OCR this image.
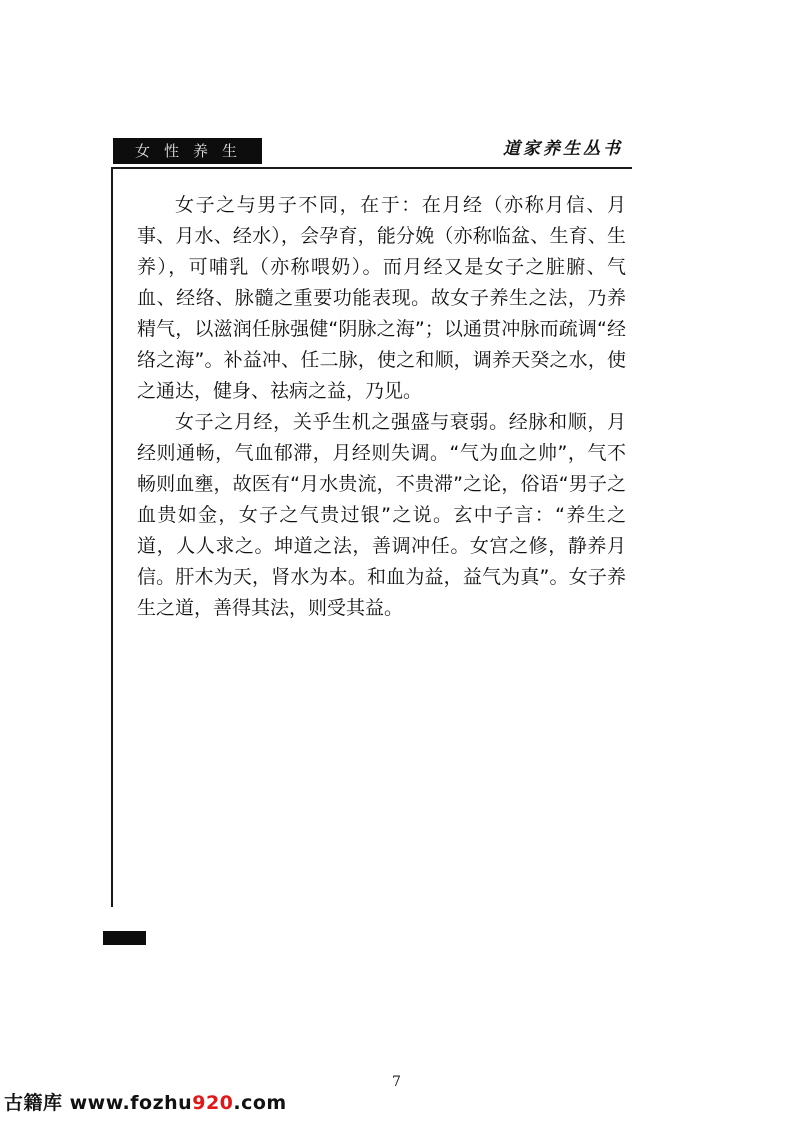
女性养生	道家养生丛书

女子之与男子不同，在于：在月经（亦称月信、月事、月水、经水），会孕育，能分娩（亦称临盆、生育、生养），可哺乳（亦称喂奶）。而月经又是女子之脏腑、气血、经络、脉髓之重要功能表现。故女子养生之法，乃养精气，以滋润任脉强健“阴脉之海”；以通贯冲脉而疏调“经络之海”。补益冲、任二脉，使之和顺，调养天癸之水，使之通达，健身、祛病之益，乃见。

女子之月经，关乎生机之强盛与衰弱。经脉和顺，月经则通畅，气血郁滞，月经则失调。“气为血之帅”，气不畅则血壅，故医有“月水贵流，不贵滞”之论，俗语“男子之血贵如金，女子之气贵过银”之说。玄中子言：“养生之道，人人求之。坤道之法，善调冲任。女宫之修，静养月信。肝木为天，肾水为本。和血为益，益气为真”。女子养生之道，善得其法，则受其益。

7
古籍库 www.fozhu920.com
